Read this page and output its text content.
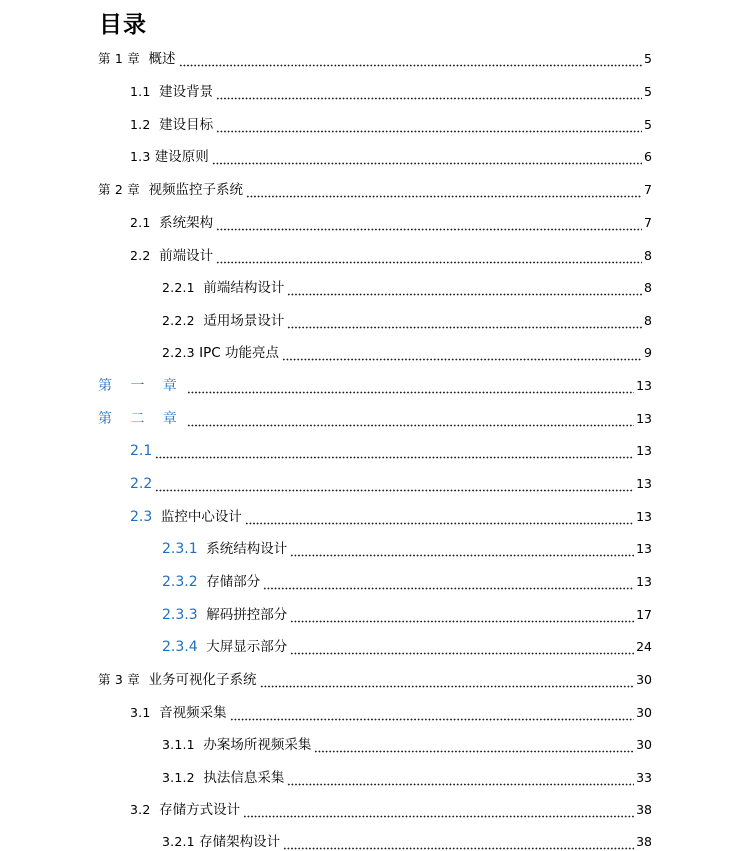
目录
第 1 章 概述	5
1.1 建设背景	5
1.2 建设目标	5
1.3 建设原则	6
第 2 章 视频监控子系统	7
2.1 系统架构	7
2.2 前端设计	8
2.2.1 前端结构设计	8
2.2.2 适用场景设计	8
2.2.3 IPC 功能亮点	9
第 一 章	13
第 二 章	13
2.1	13
2.2	13
2.3 监控中心设计	13
2.3.1 系统结构设计	13
2.3.2 存储部分	13
2.3.3 解码拼控部分	17
2.3.4 大屏显示部分	24
第 3 章 业务可视化子系统	30
3.1 音视频采集	30
3.1.1 办案场所视频采集	30
3.1.2 执法信息采集	33
3.2 存储方式设计	38
3.2.1 存储架构设计	38
